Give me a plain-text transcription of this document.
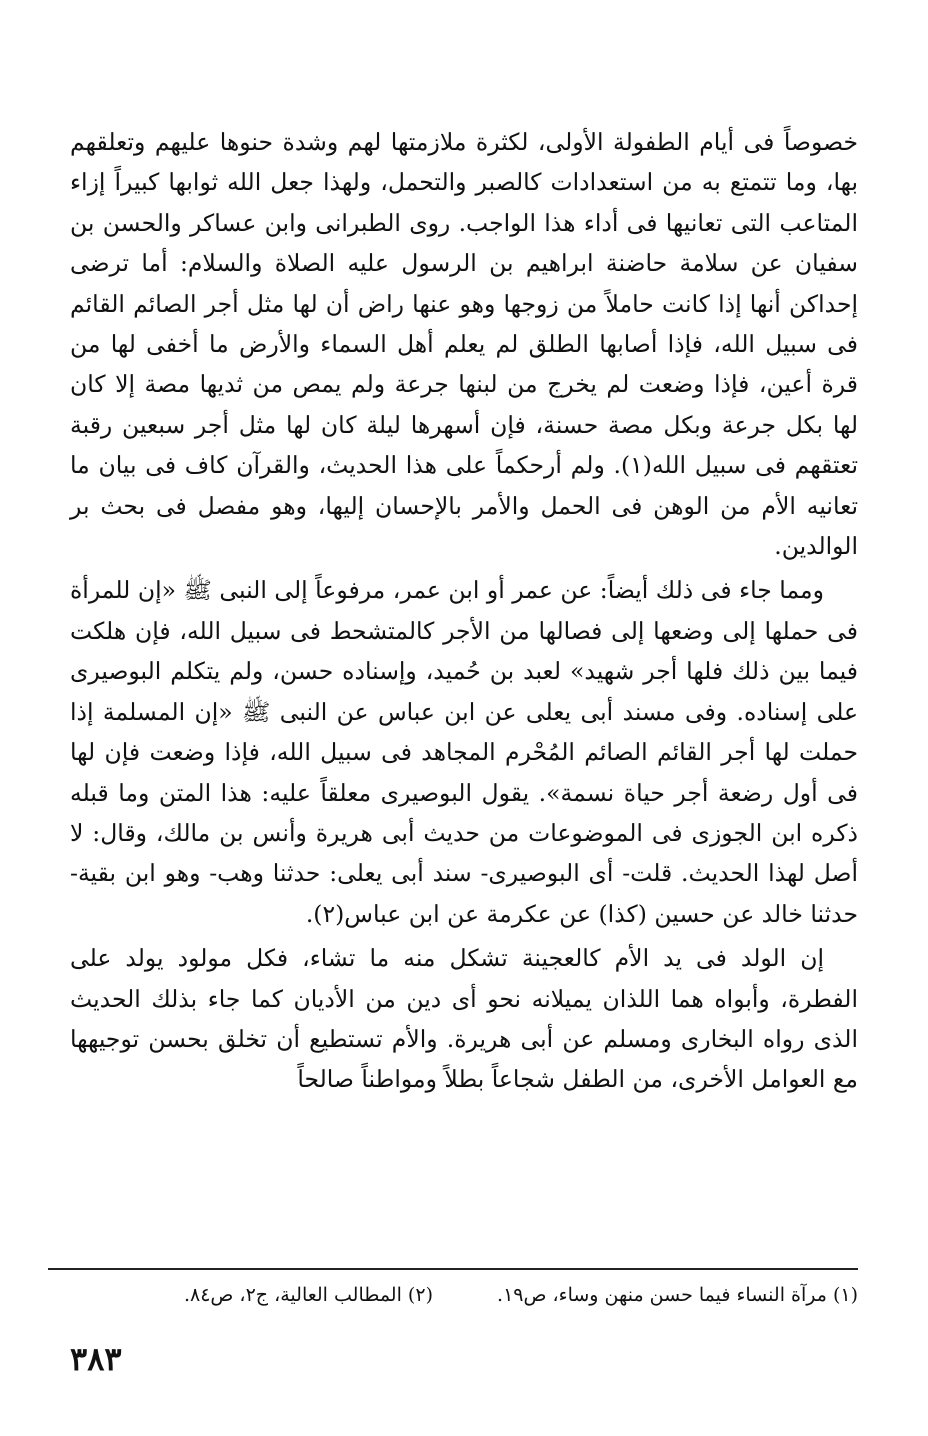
خصوصاً فى أيام الطفولة الأولى، لكثرة ملازمتها لهم وشدة حنوها عليهم وتعلقهم بها، وما تتمتع به من استعدادات كالصبر والتحمل، ولهذا جعل الله ثوابها كبيراً إزاء المتاعب التى تعانيها فى أداء هذا الواجب. روى الطبرانى وابن عساكر والحسن بن سفيان عن سلامة حاضنة ابراهيم بن الرسول عليه الصلاة والسلام: أما ترضى إحداكن أنها إذا كانت حاملاً من زوجها وهو عنها راض أن لها مثل أجر الصائم القائم فى سبيل الله، فإذا أصابها الطلق لم يعلم أهل السماء والأرض ما أخفى لها من قرة أعين، فإذا وضعت لم يخرج من لبنها جرعة ولم يمص من ثديها مصة إلا كان لها بكل جرعة وبكل مصة حسنة، فإن أسهرها ليلة كان لها مثل أجر سبعين رقبة تعتقهم فى سبيل الله(١). ولم أرحكماً على هذا الحديث، والقرآن كاف فى بيان ما تعانيه الأم من الوهن فى الحمل والأمر بالإحسان إليها، وهو مفصل فى بحث بر الوالدين.

ومما جاء فى ذلك أيضاً: عن عمر أو ابن عمر، مرفوعاً إلى النبى ﷺ «إن للمرأة فى حملها إلى وضعها إلى فصالها من الأجر كالمتشحط فى سبيل الله، فإن هلكت فيما بين ذلك فلها أجر شهيد» لعبد بن حُميد، وإسناده حسن، ولم يتكلم البوصيرى على إسناده. وفى مسند أبى يعلى عن ابن عباس عن النبى ﷺ «إن المسلمة إذا حملت لها أجر القائم الصائم المُحْرم المجاهد فى سبيل الله، فإذا وضعت فإن لها فى أول رضعة أجر حياة نسمة». يقول البوصيرى معلقاً عليه: هذا المتن وما قبله ذكره ابن الجوزى فى الموضوعات من حديث أبى هريرة وأنس بن مالك، وقال: لا أصل لهذا الحديث. قلت- أى البوصيرى- سند أبى يعلى: حدثنا وهب- وهو ابن بقية- حدثنا خالد عن حسين (كذا) عن عكرمة عن ابن عباس(٢).

إن الولد فى يد الأم كالعجينة تشكل منه ما تشاء، فكل مولود يولد على الفطرة، وأبواه هما اللذان يميلانه نحو أى دين من الأديان كما جاء بذلك الحديث الذى رواه البخارى ومسلم عن أبى هريرة. والأم تستطيع أن تخلق بحسن توجيهها مع العوامل الأخرى، من الطفل شجاعاً بطلاً ومواطناً صالحاً

(١) مرآة النساء فيما حسن منهن وساء، ص١٩. (٢) المطالب العالية، ج٢، ص٨٤.
٣٨٣
